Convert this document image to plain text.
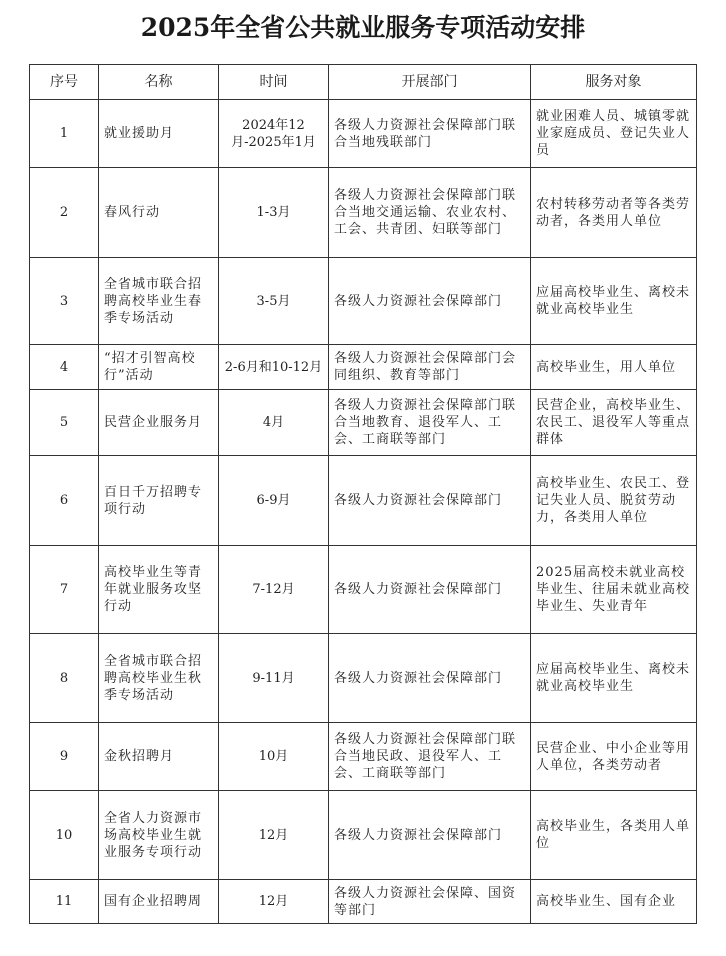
2025年全省公共就业服务专项活动安排
序号	名称	时间	开展部门	服务对象
1	就业援助月	2024年12月-2025年1月	各级人力资源社会保障部门联合当地残联部门	就业困难人员、城镇零就业家庭成员、登记失业人员
2	春风行动	1-3月	各级人力资源社会保障部门联合当地交通运输、农业农村、工会、共青团、妇联等部门	农村转移劳动者等各类劳动者，各类用人单位
3	全省城市联合招聘高校毕业生春季专场活动	3-5月	各级人力资源社会保障部门	应届高校毕业生、离校未就业高校毕业生
4	“招才引智高校行”活动	2-6月和10-12月	各级人力资源社会保障部门会同组织、教育等部门	高校毕业生，用人单位
5	民营企业服务月	4月	各级人力资源社会保障部门联合当地教育、退役军人、工会、工商联等部门	民营企业，高校毕业生、农民工、退役军人等重点群体
6	百日千万招聘专项行动	6-9月	各级人力资源社会保障部门	高校毕业生、农民工、登记失业人员、脱贫劳动力，各类用人单位
7	高校毕业生等青年就业服务攻坚行动	7-12月	各级人力资源社会保障部门	2025届高校未就业高校毕业生、往届未就业高校毕业生、失业青年
8	全省城市联合招聘高校毕业生秋季专场活动	9-11月	各级人力资源社会保障部门	应届高校毕业生、离校未就业高校毕业生
9	金秋招聘月	10月	各级人力资源社会保障部门联合当地民政、退役军人、工会、工商联等部门	民营企业、中小企业等用人单位，各类劳动者
10	全省人力资源市场高校毕业生就业服务专项行动	12月	各级人力资源社会保障部门	高校毕业生，各类用人单位
11	国有企业招聘周	12月	各级人力资源社会保障、国资等部门	高校毕业生、国有企业
